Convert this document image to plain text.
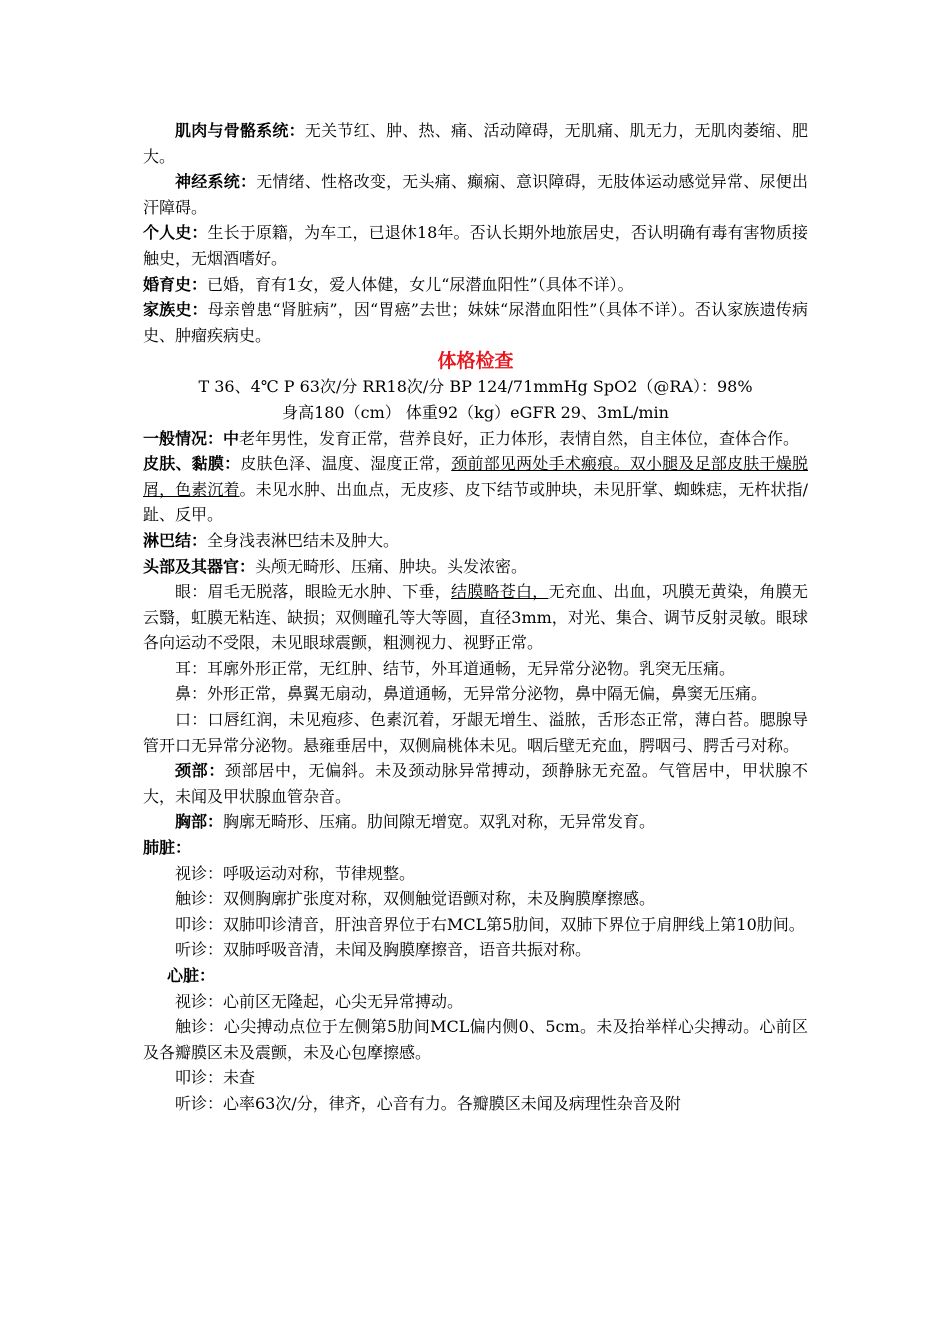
肌肉与骨骼系统：无关节红、肿、热、痛、活动障碍，无肌痛、肌无力，无肌肉萎缩、肥大。

神经系统：无情绪、性格改变，无头痛、癫痫、意识障碍，无肢体运动感觉异常、尿便出汗障碍。

个人史：生长于原籍，为车工，已退休18年。否认长期外地旅居史，否认明确有毒有害物质接触史，无烟酒嗜好。

婚育史：已婚，育有1女，爱人体健，女儿“尿潜血阳性”（具体不详）。

家族史：母亲曾患“肾脏病”，因“胃癌”去世；妹妹“尿潜血阳性”（具体不详）。否认家族遗传病史、肿瘤疾病史。

体格检查

T 36、4℃ P 63次/分 RR18次/分 BP 124/71mmHg SpO2（@RA）：98%

身高180（cm） 体重92（kg）eGFR 29、3mL/min

一般情况：中老年男性，发育正常，营养良好，正力体形，表情自然，自主体位，查体合作。

皮肤、黏膜：皮肤色泽、温度、湿度正常，颈前部见两处手术瘢痕。双小腿及足部皮肤干燥脱屑，色素沉着。未见水肿、出血点，无皮疹、皮下结节或肿块，未见肝掌、蜘蛛痣，无杵状指/趾、反甲。

淋巴结：全身浅表淋巴结未及肿大。

头部及其器官：头颅无畸形、压痛、肿块。头发浓密。

眼：眉毛无脱落，眼睑无水肿、下垂，结膜略苍白，无充血、出血，巩膜无黄染，角膜无云翳，虹膜无粘连、缺损；双侧瞳孔等大等圆，直径3mm，对光、集合、调节反射灵敏。眼球各向运动不受限，未见眼球震颤，粗测视力、视野正常。

耳：耳廓外形正常，无红肿、结节，外耳道通畅，无异常分泌物。乳突无压痛。

鼻：外形正常，鼻翼无扇动，鼻道通畅，无异常分泌物，鼻中隔无偏，鼻窦无压痛。

口：口唇红润，未见疱疹、色素沉着，牙龈无增生、溢脓，舌形态正常，薄白苔。腮腺导管开口无异常分泌物。悬雍垂居中，双侧扁桃体未见。咽后壁无充血，腭咽弓、腭舌弓对称。

颈部：颈部居中，无偏斜。未及颈动脉异常搏动，颈静脉无充盈。气管居中，甲状腺不大，未闻及甲状腺血管杂音。

胸部：胸廓无畸形、压痛。肋间隙无增宽。双乳对称，无异常发育。

肺脏：

视诊：呼吸运动对称，节律规整。

触诊：双侧胸廓扩张度对称，双侧触觉语颤对称，未及胸膜摩擦感。

叩诊：双肺叩诊清音，肝浊音界位于右MCL第5肋间，双肺下界位于肩胛线上第10肋间。

听诊：双肺呼吸音清，未闻及胸膜摩擦音，语音共振对称。

心脏：

视诊：心前区无隆起，心尖无异常搏动。

触诊：心尖搏动点位于左侧第5肋间MCL偏内侧0、5cm。未及抬举样心尖搏动。心前区及各瓣膜区未及震颤，未及心包摩擦感。

叩诊：未查

听诊：心率63次/分，律齐，心音有力。各瓣膜区未闻及病理性杂音及附
